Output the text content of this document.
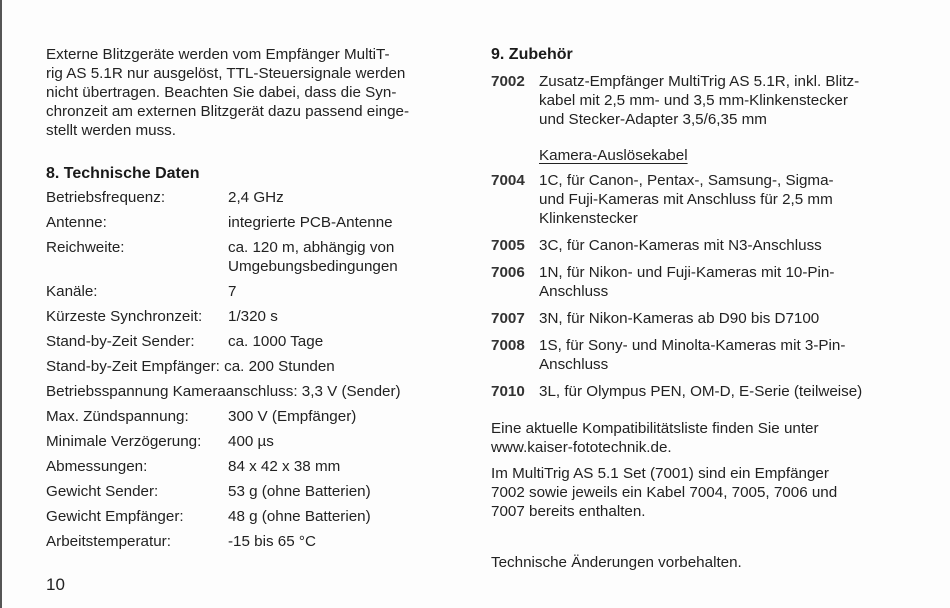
Externe Blitzgeräte werden vom Empfänger MultiT-
rig AS 5.1R nur ausgelöst, TTL-Steuersignale werden
nicht übertragen. Beachten Sie dabei, dass die Syn-
chronzeit am externen Blitzgerät dazu passend einge-
stellt werden muss.
8. Technische Daten
Betriebsfrequenz:	2,4 GHz
Antenne:	integrierte PCB-Antenne
Reichweite:	ca. 120 m, abhängig von
Umgebungsbedingungen
Kanäle:	7
Kürzeste Synchronzeit:	1/320 s
Stand-by-Zeit Sender:	ca. 1000 Tage
Stand-by-Zeit Empfänger: ca. 200 Stunden
Betriebsspannung Kameraanschluss: 3,3 V (Sender)
Max. Zündspannung:	300 V (Empfänger)
Minimale Verzögerung:	400 µs
Abmessungen:	84 x 42 x 38 mm
Gewicht Sender:	53 g (ohne Batterien)
Gewicht Empfänger:	48 g (ohne Batterien)
Arbeitstemperatur:	-15 bis 65 °C
10
9. Zubehör
7002 Zusatz-Empfänger MultiTrig AS 5.1R, inkl. Blitz-
kabel mit 2,5 mm- und 3,5 mm-Klinkenstecker
und Stecker-Adapter 3,5/6,35 mm
Kamera-Auslösekabel
7004 1C, für Canon-, Pentax-, Samsung-, Sigma-
und Fuji-Kameras mit Anschluss für 2,5 mm
Klinkenstecker
7005 3C, für Canon-Kameras mit N3-Anschluss
7006 1N, für Nikon- und Fuji-Kameras mit 10-Pin-
Anschluss
7007 3N, für Nikon-Kameras ab D90 bis D7100
7008 1S, für Sony- und Minolta-Kameras mit 3-Pin-
Anschluss
7010 3L, für Olympus PEN, OM-D, E-Serie (teilweise)
Eine aktuelle Kompatibilitätsliste finden Sie unter
www.kaiser-fototechnik.de.
Im MultiTrig AS 5.1 Set (7001) sind ein Empfänger
7002 sowie jeweils ein Kabel 7004, 7005, 7006 und
7007 bereits enthalten.
Technische Änderungen vorbehalten.
